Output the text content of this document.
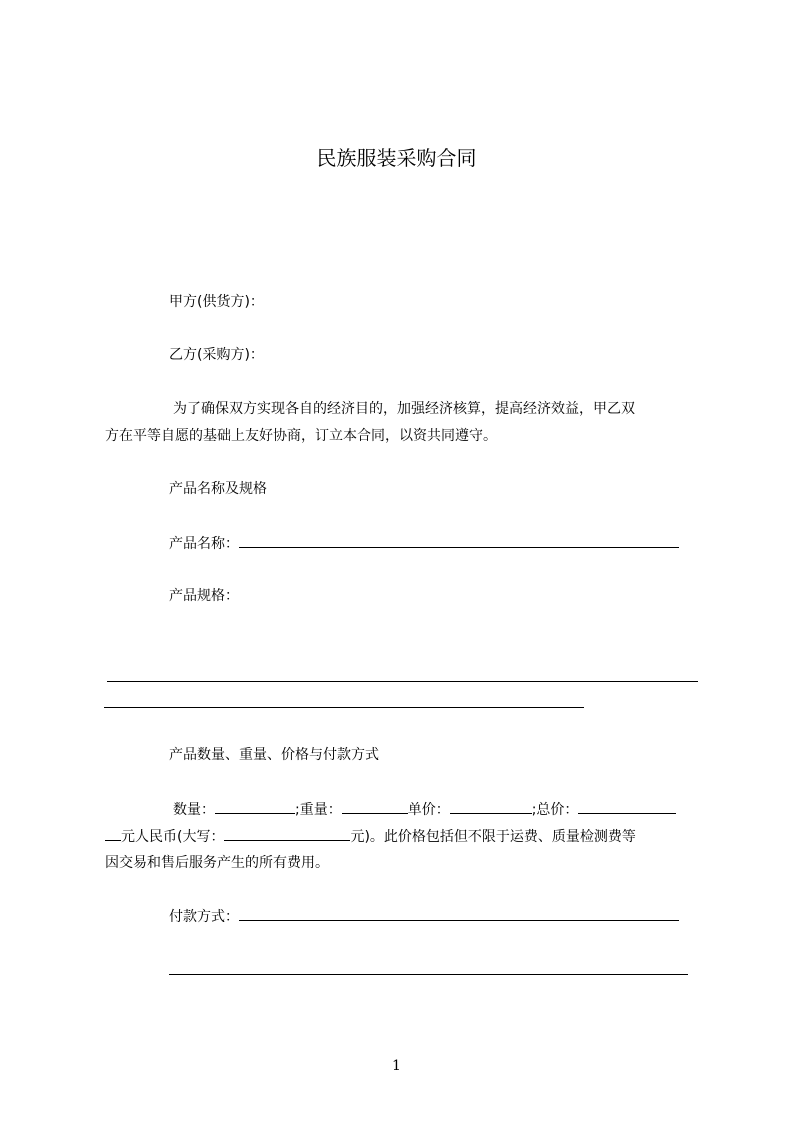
民族服装采购合同
甲方(供货方)：
乙方(采购方)：
为了确保双方实现各自的经济目的，加强经济核算，提高经济效益，甲乙双
方在平等自愿的基础上友好协商，订立本合同，以资共同遵守。
产品名称及规格
产品名称：
产品规格：
产品数量、重量、价格与付款方式
数量：	;重量：	单价：	;总价：
元人民币(大写：	元)。此价格包括但不限于运费、质量检测费等
因交易和售后服务产生的所有费用。
付款方式：
1
